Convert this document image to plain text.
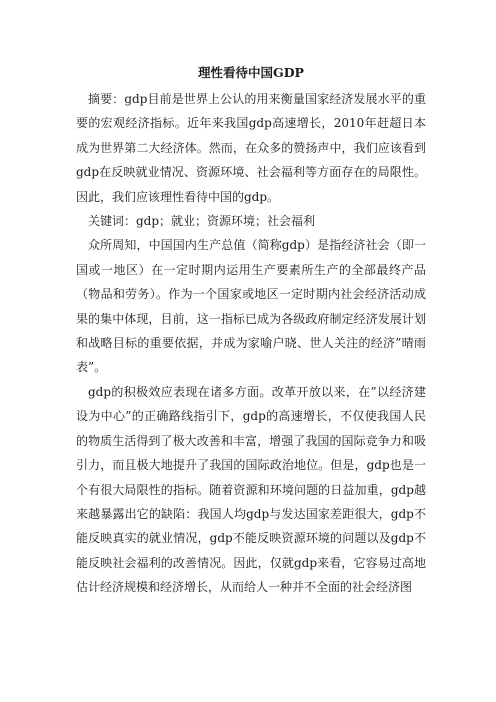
理性看待中国GDP

摘要：gdp目前是世界上公认的用来衡量国家经济发展水平的重要的宏观经济指标。近年来我国gdp高速增长，2010年赶超日本成为世界第二大经济体。然而，在众多的赞扬声中，我们应该看到gdp在反映就业情况、资源环境、社会福利等方面存在的局限性。因此，我们应该理性看待中国的gdp。

关键词：gdp；就业；资源环境；社会福利

众所周知，中国国内生产总值（简称gdp）是指经济社会（即一国或一地区）在一定时期内运用生产要素所生产的全部最终产品（物品和劳务）。作为一个国家或地区一定时期内社会经济活动成果的集中体现，目前，这一指标已成为各级政府制定经济发展计划和战略目标的重要依据，并成为家喻户晓、世人关注的经济”晴雨表”。

gdp的积极效应表现在诸多方面。改革开放以来，在”以经济建设为中心”的正确路线指引下，gdp的高速增长，不仅使我国人民的物质生活得到了极大改善和丰富，增强了我国的国际竞争力和吸引力，而且极大地提升了我国的国际政治地位。但是，gdp也是一个有很大局限性的指标。随着资源和环境问题的日益加重，gdp越来越暴露出它的缺陷：我国人均gdp与发达国家差距很大，gdp不能反映真实的就业情况，gdp不能反映资源环境的问题以及gdp不能反映社会福利的改善情况。因此，仅就gdp来看，它容易过高地估计经济规模和经济增长，从而给人一种并不全面的社会经济图
